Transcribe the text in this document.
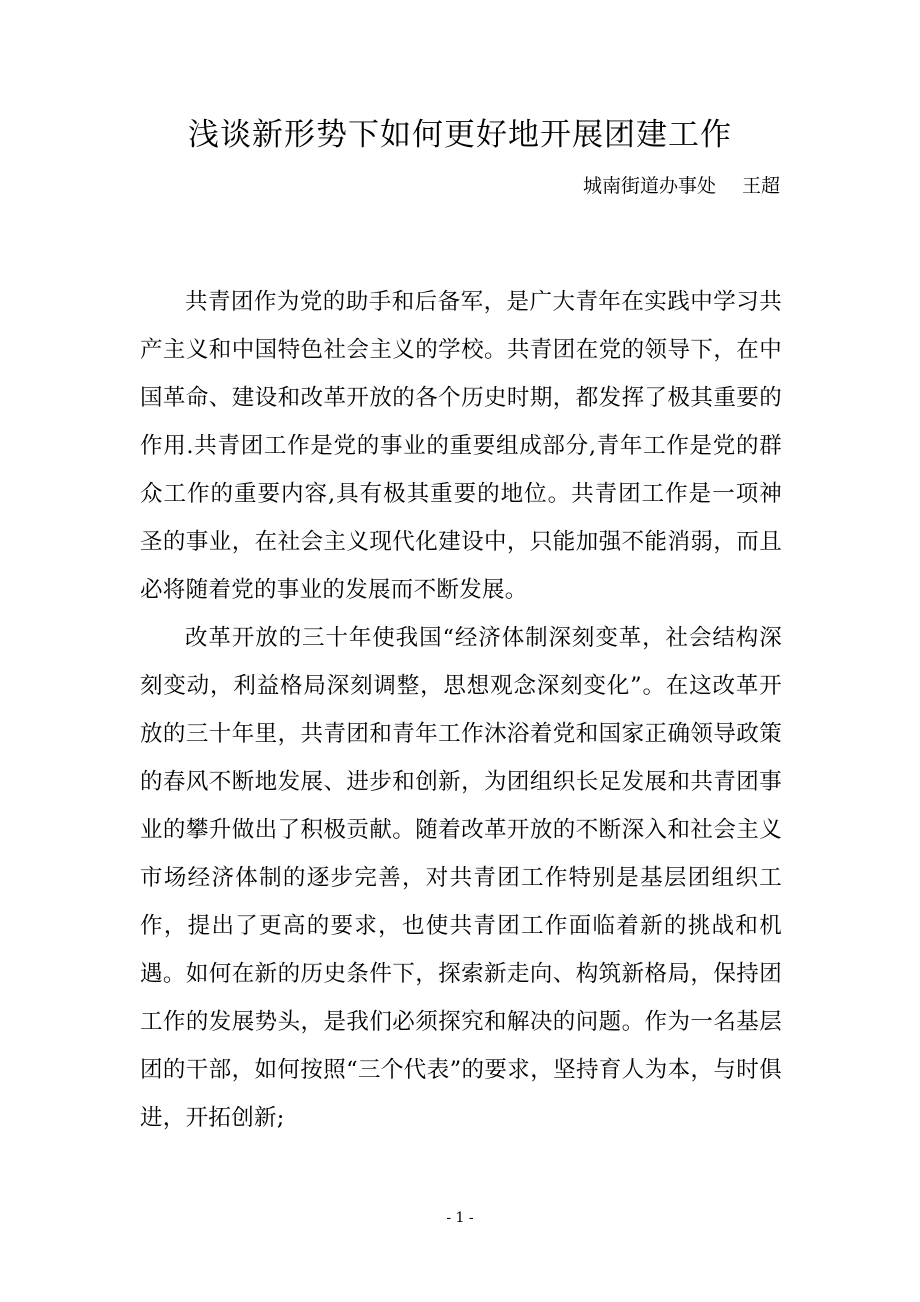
浅谈新形势下如何更好地开展团建工作
城南街道办事处 王超

共青团作为党的助手和后备军，是广大青年在实践中学习共产主义和中国特色社会主义的学校。共青团在党的领导下，在中国革命、建设和改革开放的各个历史时期，都发挥了极其重要的作用.共青团工作是党的事业的重要组成部分,青年工作是党的群众工作的重要内容,具有极其重要的地位。共青团工作是一项神圣的事业，在社会主义现代化建设中，只能加强不能消弱，而且必将随着党的事业的发展而不断发展。

改革开放的三十年使我国“经济体制深刻变革，社会结构深刻变动，利益格局深刻调整，思想观念深刻变化”。在这改革开放的三十年里，共青团和青年工作沐浴着党和国家正确领导政策的春风不断地发展、进步和创新，为团组织长足发展和共青团事业的攀升做出了积极贡献。随着改革开放的不断深入和社会主义市场经济体制的逐步完善，对共青团工作特别是基层团组织工作，提出了更高的要求，也使共青团工作面临着新的挑战和机遇。如何在新的历史条件下，探索新走向、构筑新格局，保持团工作的发展势头，是我们必须探究和解决的问题。作为一名基层团的干部，如何按照“三个代表”的要求，坚持育人为本，与时俱进，开拓创新;

- 1 -
